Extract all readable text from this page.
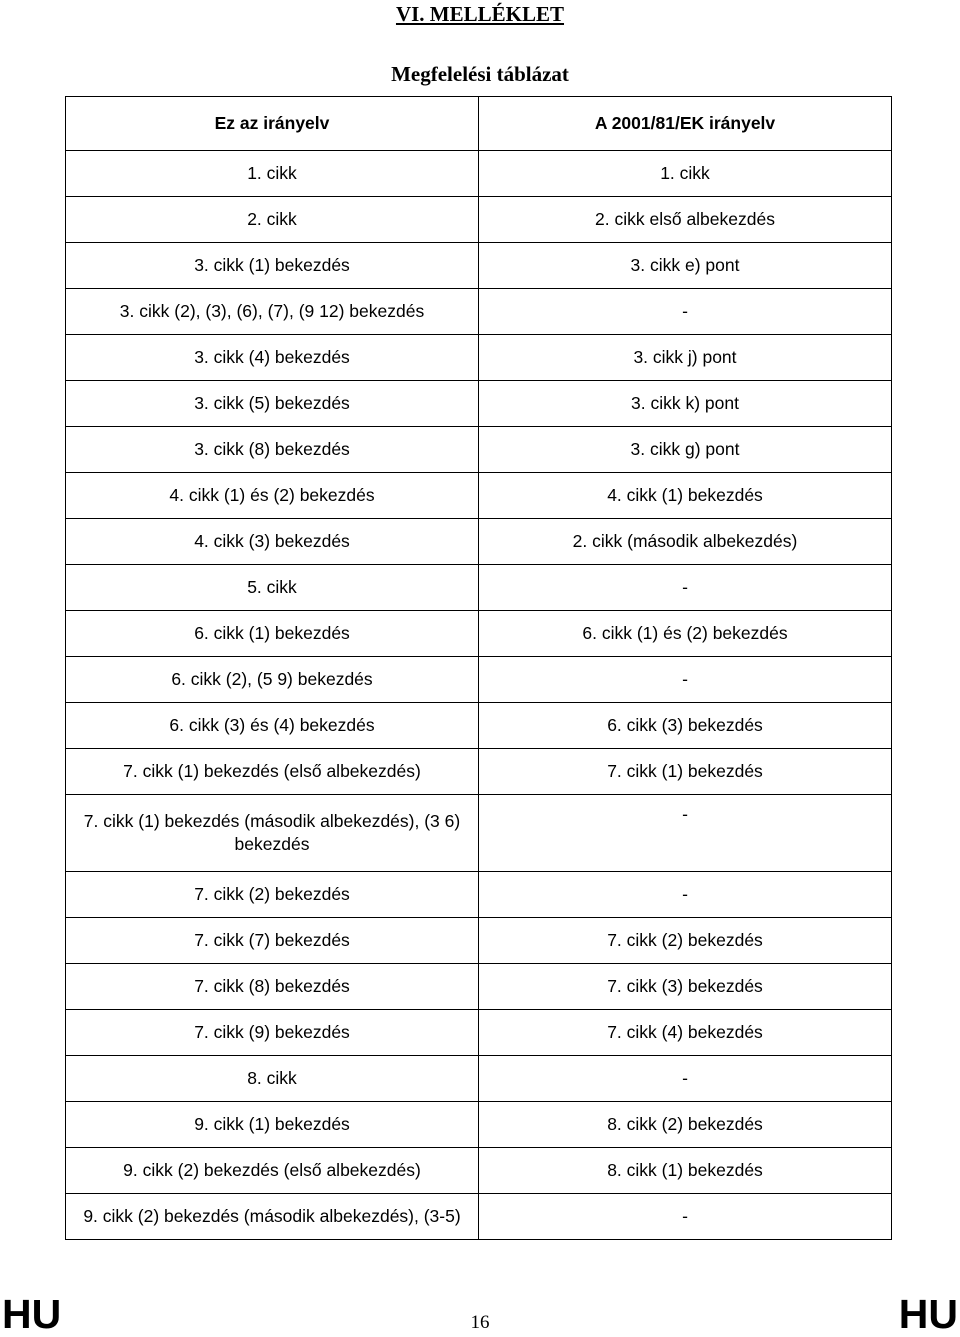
VI. MELLÉKLET
Megfelelési táblázat
Ez az irányelv	A 2001/81/EK irányelv
1. cikk	1. cikk
2. cikk	2. cikk első albekezdés
3. cikk (1) bekezdés	3. cikk e) pont
3. cikk (2), (3), (6), (7), (9 12) bekezdés	-
3. cikk (4) bekezdés	3. cikk j) pont
3. cikk (5) bekezdés	3. cikk k) pont
3. cikk (8) bekezdés	3. cikk g) pont
4. cikk (1) és (2) bekezdés	4. cikk (1) bekezdés
4. cikk (3) bekezdés	2. cikk (második albekezdés)
5. cikk	-
6. cikk (1) bekezdés	6. cikk (1) és (2) bekezdés
6. cikk (2), (5 9) bekezdés	-
6. cikk (3) és (4) bekezdés	6. cikk (3) bekezdés
7. cikk (1) bekezdés (első albekezdés)	7. cikk (1) bekezdés
7. cikk (1) bekezdés (második albekezdés), (3 6) bekezdés	-
7. cikk (2) bekezdés	-
7. cikk (7) bekezdés	7. cikk (2) bekezdés
7. cikk (8) bekezdés	7. cikk (3) bekezdés
7. cikk (9) bekezdés	7. cikk (4) bekezdés
8. cikk	-
9. cikk (1) bekezdés	8. cikk (2) bekezdés
9. cikk (2) bekezdés (első albekezdés)	8. cikk (1) bekezdés
9. cikk (2) bekezdés (második albekezdés), (3-5)	-
HU	16	HU
